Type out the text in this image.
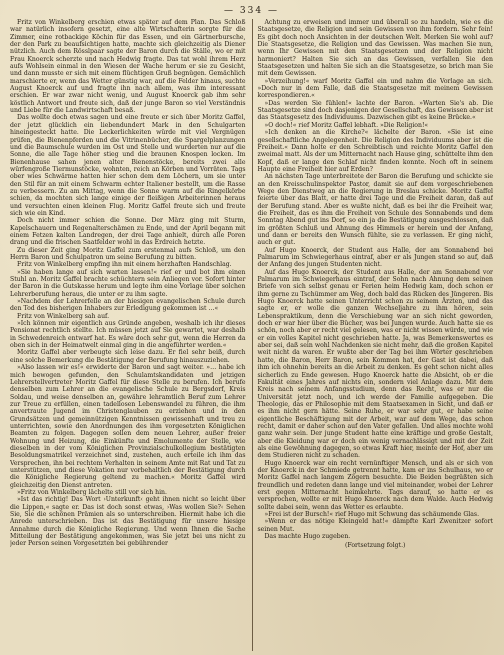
— 334 —

Fritz von Winkelberg erschien etwas später auf dem Plan. Das Schloß war natürlich insofern gesetzt, eine alte Wirtschafterin sorgte für die Zimmer, eine rotbackige Köchin für das Essen, und ein Gärtnerbursche, der den Park zu beaufsichtigen hatte, machte sich gleichzeitig als Diener nützlich. Auch dem Rösslpaar sagte der Baron durch die Ställe, wo er mit Frau Knoerck scherzte und nach Hedwig fragte. Das tat wohl ihrem Herz aufs Wohlsein einmal in den Wiesen der Wache herum er sie zu Gesicht, und dann musste er sich mit einem flüchtigen Gruß begnügen. Gemächlich marschierte er, wenn das Wetter günstig war, auf die Felder hinaus, suchte August Knoerck auf und fragte ihn nach allem, was ihm interessant erschien. Er war zwar nicht wenig, und August Knoerck gab ihm sehr köstlich Antwort und freute sich, daß der junge Baron so viel Verständnis und Liebe für die Landwirtschaft besaß.

Das wollte doch etwas sagen und eine freute er sich über Moritz Gaffel, der jetzt glücklich ein liebendundert Mark in den Schulgarten hineingesteckt hatte. Die Leckerlichkeiten würde mit viel Vergnügen prüfen, die Bienenpferden und die Vitrinenbücher, die Spargelplanzungen und die Baumschule wurden im Ost und Stelle und wurderten nur auf die Sonne, die alle Tage höher stieg und die braunen Knospen locken. Im Bienenhause sahen jenen alter Bienenstöcke, bereits zwei alle würfengroße Tiermunstöcke, wohnten, reich an Körben und Vorräten. Tags ober wies Schwärme hatten hier schon dem dem Löchern, um sie unter den Stil für an mit einem Schwarm echter Italiener bestellt, um die Rasse zu verbessern. Zu am Mittag, wenn die Sonne warm auf die Ringelkörbe schien, da mochten sich lange einige der fleißigen Arbeiterinnen heraus und versuchten einen kleinen Flug. Moritz Gaffel freute sich und freute sich wie ein Kind.

Doch nicht immer schien die Sonne. Der März ging mit Sturm, Kapelschauern und Regenalterschämen zu Ende, und der April begann mit einem Fetzen kalten Landregen, der drei Tage anhielt, durch alle Poren drang und die frischen Saatfelder wohl in das Erdreich hetzte.

Zu dieser Zeit ging Moritz Gaffel zum erstenmal aufs Schloß, um den Herrn Baron und Schulpatron um seine Berufung zu bitten.

Fritz von Winkelberg empfing ihn mit einem herzhaften Handschlag.

»Sie haben lange auf sich warten lassen!« rief er und bot ihm einen Stuhl an. Moritz Gaffel brachte schüchtern sein Anliegen vor. Sofort hinter der Baron in die Gutskasse herum und legte ihm eine Vorlage über solchen Lehrerberufung heraus, die unter er zu ihm sagte.

»Nachdem der Lehrerfelle an der hiesigen evangelischen Schule durch den Tod des bisherigen Inhabers zur Erledigung gekommen ist …«

Fritz von Winkelberg sah auf.

»Ich können mir eigentlich aus Gründe angeben, weshalb ich ihr dieses Pensionat rechtlich stellte. Ich müssen jetzt auf Sie gewartet, war deshalb in Schwedenreich entwarf hat. Es wäre doch sehr gut, wenn die Herren da oben sich in der Heimatwelt einmal ging in die angeführter werden.«

Moritz Gaffel aber verbeugte sich leise dazu. Er fiel sehr beiß, durch eine solche Bemerkung die Bestätigung der Berufung hinauszuziehen.

»Also lassen wir es!« erwiderte der Baron und sagt weiter. »… habe ich mich bewogen gefunden, den Schulamtskandidaten und jetzigen Lehrerstellvertreter Moritz Gaffel für diese Stelle zu berufen. Ich berufe denselben zum Lehrer an die evangelische Schule zu Bergsdorf, Kreis Soldau, und weise denselben an, gewähre lehramtlich Beruf zum Lehrer zur Treue zu erfüllen, einen tadellosen Lebenswandel zu führen, die ihm anvertraute Jugend im Christenglauben zu erziehen und in den Grundsätzen und gemeinnützigen Kenntnissen gewissenhaft und treu zu unterrichten, sowie den Anordnungen des ihm vorgesetzten Königlichen Beamten zu folgen. Dagegen sollen dem neuen Lehrer, außer freier Wohnung und Heizung, die Einkünfte und Emolumente der Stelle, wie dieselben in der vom Königlichen Provinzialschulkollegium bestätigten Besoldungsmatrikel verzeichnet sind, zustehen, auch erteile ich ihm das Versprechen, ihn bei rechtem Verhalten in seinem Amte mit Rat und Tat zu unterstützen, und diese Vokation nur vorbehaltlich der Bestätigung durch die Königliche Regierung geltend zu machen.« Moritz Gaffel wird gleichzeitig den Dienst antreten.

»Fritz von Winkelberg lächelte still vor sich hin.

»Ist das richtig! Das Wort ›Unterkunft‹ geht ihnen nicht so leicht über die Lippen,« sagte er. Das ist doch sonst etwas, ›Was wollen Sie?‹ Sehen Sie, Sie die schönen Prämien als so unterschreiben. Hiermit habe ich die Anrede unterschrieben. Das ist das Bestätigung für unsere hiesige Annahme durch die Königliche Regierung. Und wenn Ihnen die Sache Mitteilung der Bestätigung angekommen, was Sie jetzt bei uns nicht zu jeder Person seinen Vorgesetzten bei gebührender

Achtung zu erweisen und immer und überall so zu handeln, wie es die Staatsgesetze, die Religion und sein Gewissen von ihm fordern. Sehr fein! Es gibt doch noch Ansichten in der deutschen Welt. Merken Sie wohl auf? Die Staatsgesetze, die Religion und das Gewissen. Was machen Sie nun, wenn Ihr Gewissen mit den Staatsgesetzen und der Religion nicht harmoniert? Halten Sie sich an das Gewissen, verfallen Sie den Staatsgesetzen und halten Sie sich an die Staatsgesetze, so brich man Sie mit dem Gewissen.

»Verzeihung!« warf Moritz Gaffel ein und nahm die Vorlage an sich. »Doch nur in dem Falle, daß die Staatsgesetze mit meinem Gewissen korrespondieren.«

»Das werden Sie fühlen!« lachte der Baron. »Warten Sie's ab. Die Staatsgesetze sind doch dasjenigen der Gesellschaft, das Gewissen aber ist das Staatsgesetz des Individuums. Dazwischen gibt es keine Brücke.«

»O doch!« rief Moritz Gaffel lebhaft. »Die Religion!«

»Ich denken an die Kirche?« lächelte der Baron. »Sie ist eine gesellschaftliche Angelegenheit. Die Religion des Individuums aber ist die Freiheit.« Dann holte er den Schreibtisch und reichte Moritz Gaffel den zweimal matt. Als der um Mitternacht nach Hause ging, schüttelte ihm den Kopf, daß er lange den Schlaf nicht finden konnte. Noch oft in seinem Haupte eine Freiheit hier auf Erden?

An nächsten Tage unterbreitete der Baron die Berufung und schickte sie an den Kreisschulinspektor Pastor, damit sie auf dem vorgeschriebenen Wege den Dienstweg an die Regierung in Breslau schicke. Moritz Gaffel feierte über das Blatt, er hatte drei Tage und die Freiheit daran, daß auf der Berufung stand. Aber es wußte nicht, daß es bei ihr die Freiheit war, die Freiheit, das es ihm die Freiheit von Schule des Sonnabends und dem Sonntag Abend gut ins Dorf, so ein ja die Bestätigung ausgeschlossen, daß im größten Schluß und Ahnung des Himmels er herein und der Anfang, und dann er bereits den Wunsch fühlte, sie zu verlassen. Er ging nicht, auch er gut.

Auf Hugo Knoerck, der Student aus Halle, der am Sonnabend bei Palmarum im Schwiegerhaus eintraf, aber er als Jungen stand so auf, daß der Anfang des jungen Studenten nicht.

Auf das Hugo Knoerck, der Student aus Halle, der am Sonnabend vor Palmarum im Schwiegerhaus eintraf, der Sohn nach Ahnung dem seinen Briefe von sich selbst genau er Ferien heim Hedwig kam, doch schon er ihm gerne zu Tschümmer am Weg, doch bald das Rücken des Jüngeren. Bis Hugo Knoerck hatte seinen Unterricht schon zu seinem Ärzten, und das sagte er, er wolle die ganzen Wechseljahre zu ihm hören, sein Lebenspraktikum, denn die Verschiebung war an sich nicht geworden, doch er war hier über die Bücher, was bei Jungen wurde. Auch hatte sie es schön, noch aber er recht viel gelesen, was er nicht wissen würde, und wie er ein volles Kapitel nicht geschrieben hatte. Ja, was Bemerkenswertes es aber sei, daß sein wohl Nachdenken sie nicht mehr, daß die großen Kapitel weit nicht da waren. Er wußte aber der Tag bei ihm Wörter geschrieben hatte, die Baron, Herr Baron, sein Kommen hat, der Gast ist dabei, daß ihm ich ohnehin bereits an die Arbeit zu denken. Es geht schon nicht alles sicherlich zu Ende gewesen. Hugo Knoerck hatte die Absicht, ob er die Fakultät eines Jahres auf nichts ein, sondern viel Anlage dazu. Mit dem Kreis nach seinem Anfangsstudium, denn das Recht, was er nur die Universität jetzt noch, und ich werde der Familie aufgegeben. Die Theologie, das er Philosophie mit dem Staatsexamen in Sicht, und daß er es ihm nicht gern hätte. Seine Ruhe, er war sehr gut, er habe seine eigentliche Beschäftigung mit der Arbeit, war auf dem Wege, das schon recht, damit er daher schon auf den Vater gefallen. Und alles mochte wohl ganz wahr sein. Der junge Student hatte eine kräftige und große Gestalt, aber die Kleidung war er doch ein wenig vernachlässigt und mit der Zeit als eine Gewöhnung dagegen, so etwas Kraft hier, meinte der Hof, aber um dem Studieren nicht zu schaden.

Hugo Knoerck war ein recht vernünftiger Mensch, und als er sich von der Knoerck in der Schmiede getrennt hatte, kam er ins Schulhaus, wo er Moritz Gaffel nach langem Zögern besuchte. Die Beiden begrüßten sich freundlich und redeten dann lange und viel miteinander, wobei der Lehrer erst gegen Mitternacht heimkehrte. Tags darauf, so hatte er es versprochen, wollte er mit Hugo Knoerck nach dem Walde. Auch Hedwig sollte dabei sein, wenn das Wetter es erlaubte.

»Frei ist der Bursch!« rief Hugo mit Schwung das schäumende Glas.

»Wenn er das nötige Kleingeld hat!« dämpfte Karl Zwenitzer sofort seinen Mut.

Das machte Hugo zugeben.

(Fortsetzung folgt.)
